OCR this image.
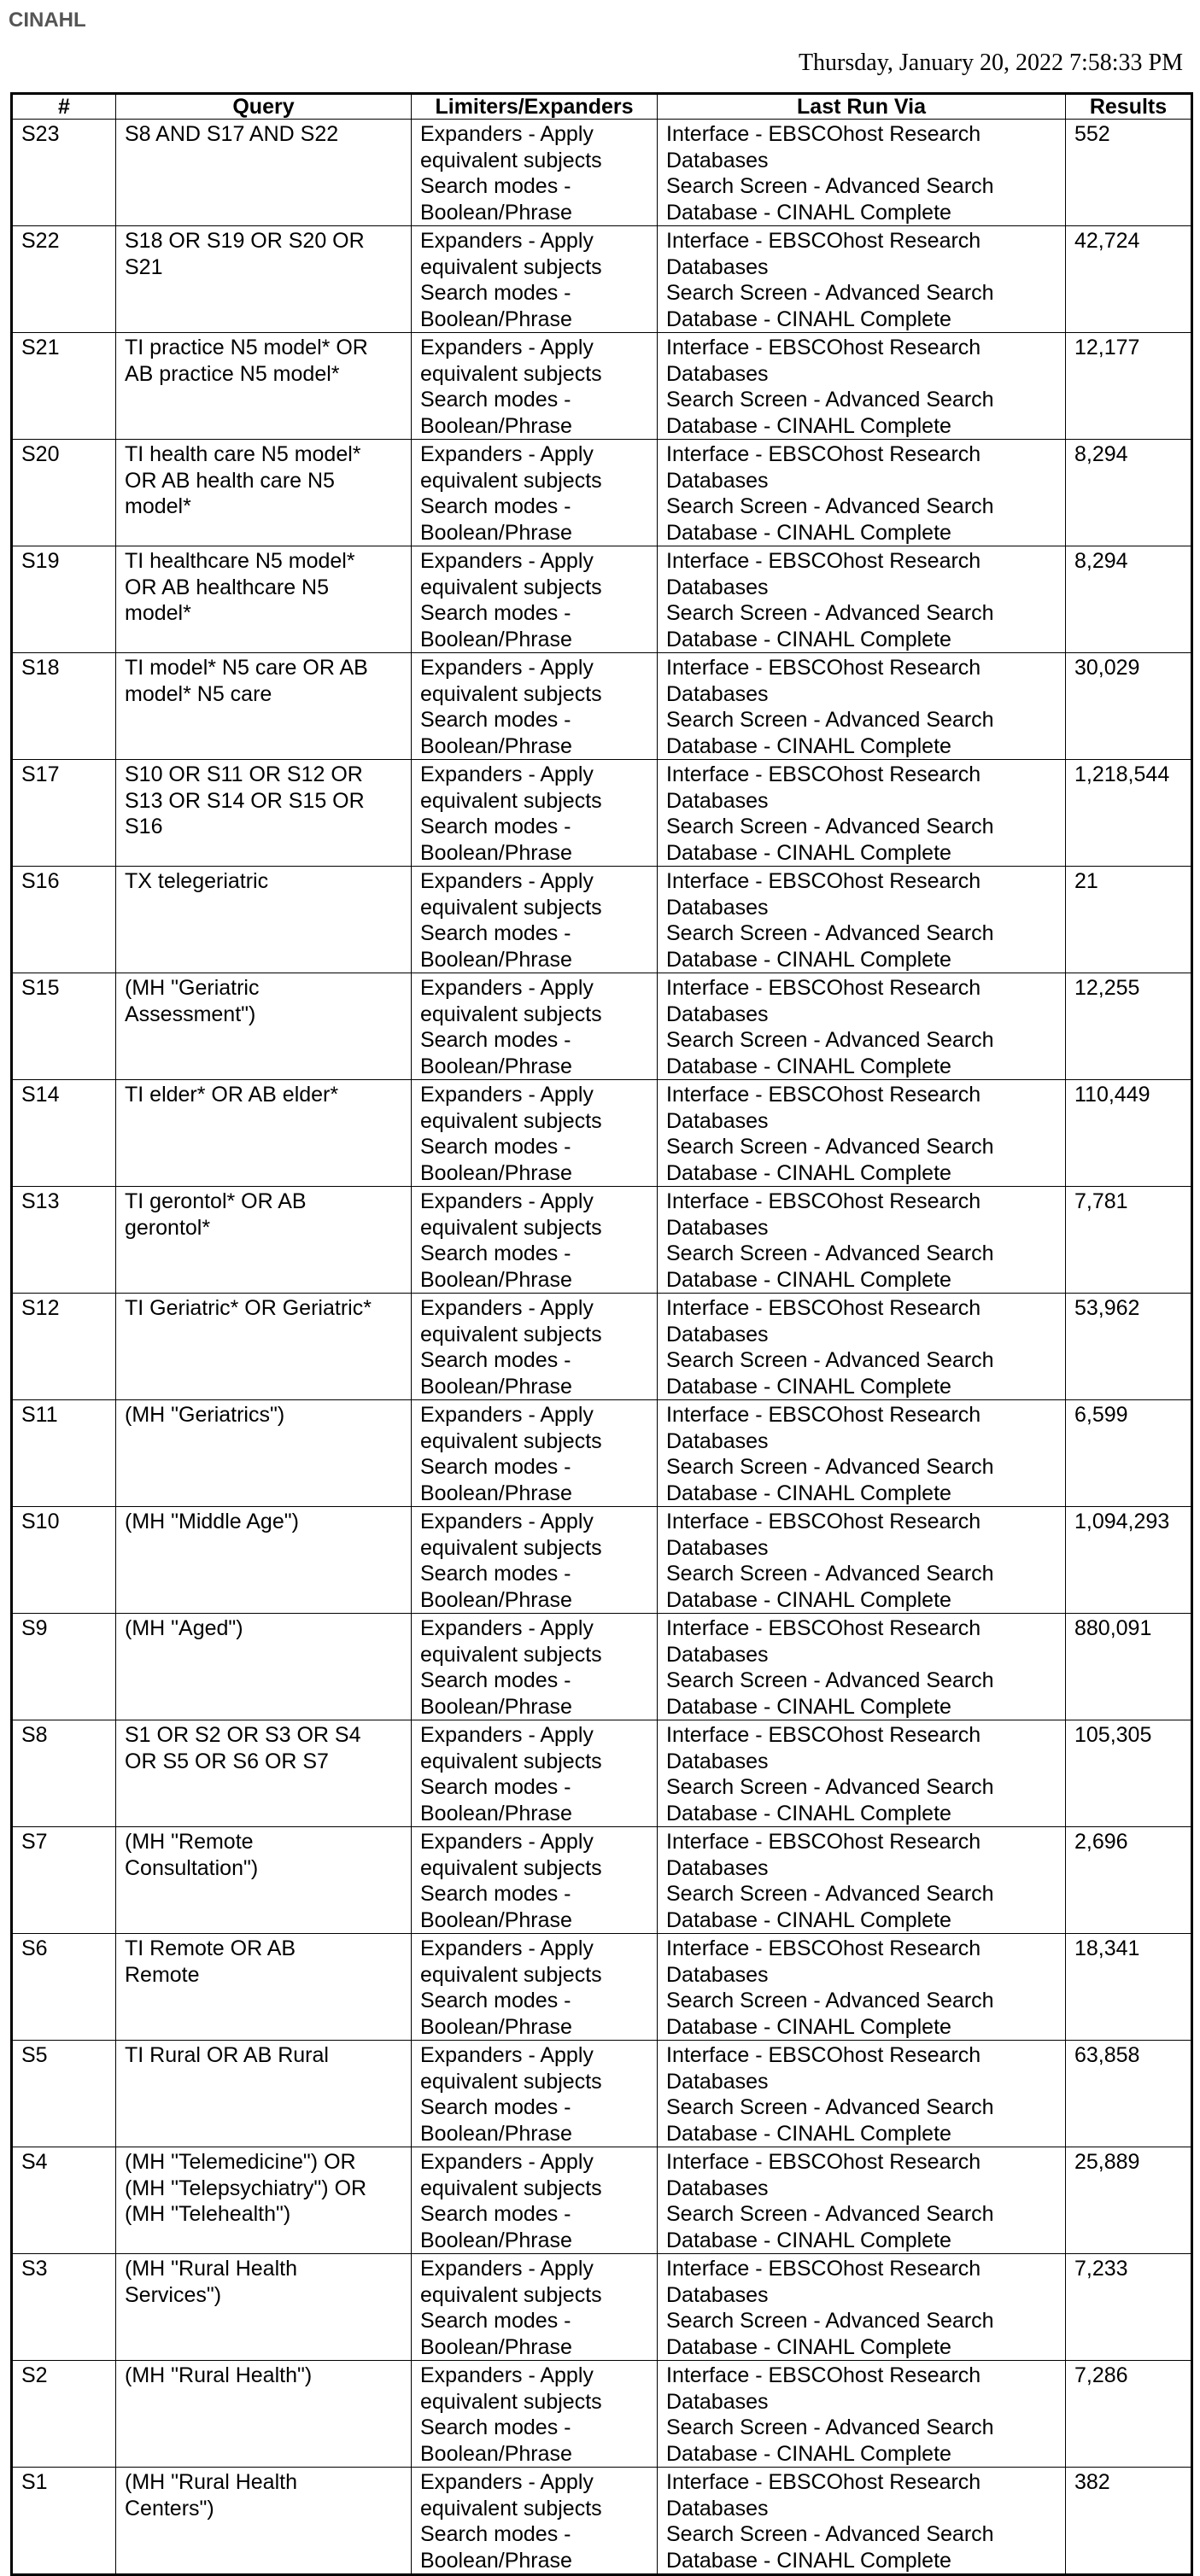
CINAHL
Thursday, January 20, 2022 7:58:33 PM
#	Query	Limiters/Expanders	Last Run Via	Results

S23	S8 AND S17 AND S22	Expanders - Apply
equivalent subjects
Search modes -
Boolean/Phrase	Interface - EBSCOhost Research
Databases
Search Screen - Advanced Search
Database - CINAHL Complete	552

S22	S18 OR S19 OR S20 OR
S21	Expanders - Apply
equivalent subjects
Search modes -
Boolean/Phrase	Interface - EBSCOhost Research
Databases
Search Screen - Advanced Search
Database - CINAHL Complete	42,724

S21	TI practice N5 model* OR
AB practice N5 model*	Expanders - Apply
equivalent subjects
Search modes -
Boolean/Phrase	Interface - EBSCOhost Research
Databases
Search Screen - Advanced Search
Database - CINAHL Complete	12,177

S20	TI health care N5 model*
OR AB health care N5
model*	Expanders - Apply
equivalent subjects
Search modes -
Boolean/Phrase	Interface - EBSCOhost Research
Databases
Search Screen - Advanced Search
Database - CINAHL Complete	8,294

S19	TI healthcare N5 model*
OR AB healthcare N5
model*	Expanders - Apply
equivalent subjects
Search modes -
Boolean/Phrase	Interface - EBSCOhost Research
Databases
Search Screen - Advanced Search
Database - CINAHL Complete	8,294

S18	TI model* N5 care OR AB
model* N5 care	Expanders - Apply
equivalent subjects
Search modes -
Boolean/Phrase	Interface - EBSCOhost Research
Databases
Search Screen - Advanced Search
Database - CINAHL Complete	30,029

S17	S10 OR S11 OR S12 OR
S13 OR S14 OR S15 OR
S16	Expanders - Apply
equivalent subjects
Search modes -
Boolean/Phrase	Interface - EBSCOhost Research
Databases
Search Screen - Advanced Search
Database - CINAHL Complete	1,218,544

S16	TX telegeriatric	Expanders - Apply
equivalent subjects
Search modes -
Boolean/Phrase	Interface - EBSCOhost Research
Databases
Search Screen - Advanced Search
Database - CINAHL Complete	21

S15	(MH "Geriatric
Assessment")	Expanders - Apply
equivalent subjects
Search modes -
Boolean/Phrase	Interface - EBSCOhost Research
Databases
Search Screen - Advanced Search
Database - CINAHL Complete	12,255

S14	TI elder* OR AB elder*	Expanders - Apply
equivalent subjects
Search modes -
Boolean/Phrase	Interface - EBSCOhost Research
Databases
Search Screen - Advanced Search
Database - CINAHL Complete	110,449

S13	TI gerontol* OR AB
gerontol*	Expanders - Apply
equivalent subjects
Search modes -
Boolean/Phrase	Interface - EBSCOhost Research
Databases
Search Screen - Advanced Search
Database - CINAHL Complete	7,781

S12	TI Geriatric* OR Geriatric*	Expanders - Apply
equivalent subjects
Search modes -
Boolean/Phrase	Interface - EBSCOhost Research
Databases
Search Screen - Advanced Search
Database - CINAHL Complete	53,962

S11	(MH "Geriatrics")	Expanders - Apply
equivalent subjects
Search modes -
Boolean/Phrase	Interface - EBSCOhost Research
Databases
Search Screen - Advanced Search
Database - CINAHL Complete	6,599

S10	(MH "Middle Age")	Expanders - Apply
equivalent subjects
Search modes -
Boolean/Phrase	Interface - EBSCOhost Research
Databases
Search Screen - Advanced Search
Database - CINAHL Complete	1,094,293

S9	(MH "Aged")	Expanders - Apply
equivalent subjects
Search modes -
Boolean/Phrase	Interface - EBSCOhost Research
Databases
Search Screen - Advanced Search
Database - CINAHL Complete	880,091

S8	S1 OR S2 OR S3 OR S4
OR S5 OR S6 OR S7	Expanders - Apply
equivalent subjects
Search modes -
Boolean/Phrase	Interface - EBSCOhost Research
Databases
Search Screen - Advanced Search
Database - CINAHL Complete	105,305

S7	(MH "Remote
Consultation")	Expanders - Apply
equivalent subjects
Search modes -
Boolean/Phrase	Interface - EBSCOhost Research
Databases
Search Screen - Advanced Search
Database - CINAHL Complete	2,696

S6	TI Remote OR AB
Remote	Expanders - Apply
equivalent subjects
Search modes -
Boolean/Phrase	Interface - EBSCOhost Research
Databases
Search Screen - Advanced Search
Database - CINAHL Complete	18,341

S5	TI Rural OR AB Rural	Expanders - Apply
equivalent subjects
Search modes -
Boolean/Phrase	Interface - EBSCOhost Research
Databases
Search Screen - Advanced Search
Database - CINAHL Complete	63,858

S4	(MH "Telemedicine") OR
(MH "Telepsychiatry") OR
(MH "Telehealth")	Expanders - Apply
equivalent subjects
Search modes -
Boolean/Phrase	Interface - EBSCOhost Research
Databases
Search Screen - Advanced Search
Database - CINAHL Complete	25,889

S3	(MH "Rural Health
Services")	Expanders - Apply
equivalent subjects
Search modes -
Boolean/Phrase	Interface - EBSCOhost Research
Databases
Search Screen - Advanced Search
Database - CINAHL Complete	7,233

S2	(MH "Rural Health")	Expanders - Apply
equivalent subjects
Search modes -
Boolean/Phrase	Interface - EBSCOhost Research
Databases
Search Screen - Advanced Search
Database - CINAHL Complete	7,286

S1	(MH "Rural Health
Centers")	Expanders - Apply
equivalent subjects
Search modes -
Boolean/Phrase	Interface - EBSCOhost Research
Databases
Search Screen - Advanced Search
Database - CINAHL Complete	382
